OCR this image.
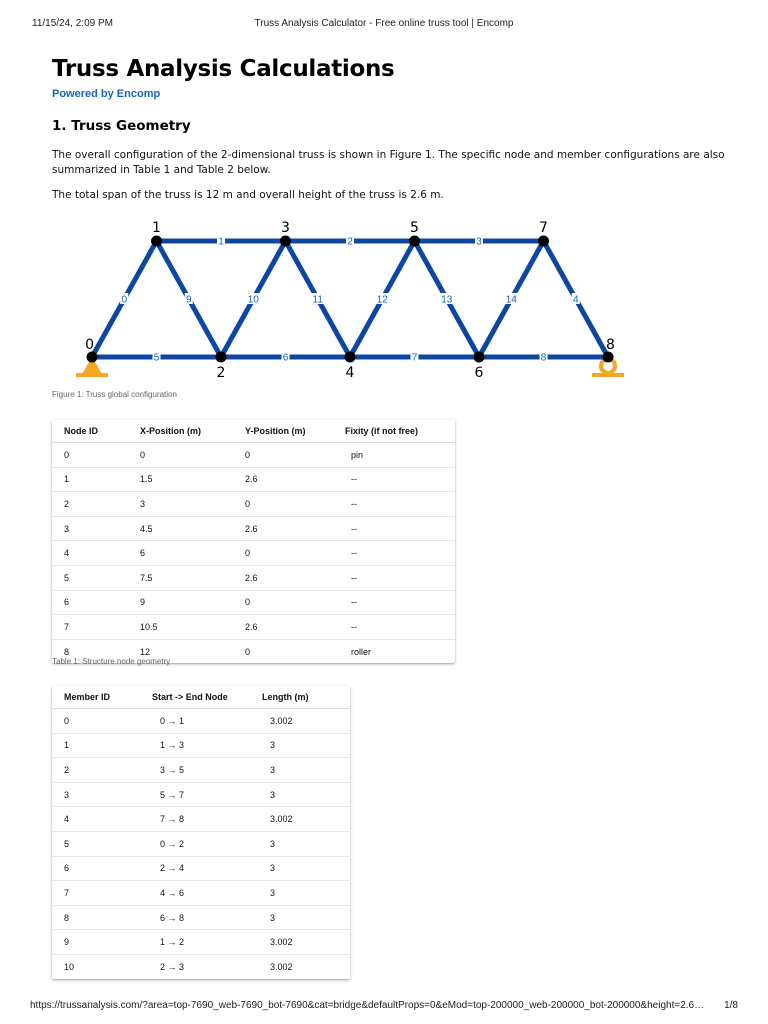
11/15/24, 2:09 PM	Truss Analysis Calculator - Free online truss tool | Encomp
Truss Analysis Calculations
Powered by Encomp
1. Truss Geometry

The overall configuration of the 2-dimensional truss is shown in Figure 1. The specific node and member configurations are also summarized in Table 1 and Table 2 below.

The total span of the truss is 12 m and overall height of the truss is 2.6 m.

0
1	2	3
4
5	6	7	8
9	10	11	12	13	14
0
1
2
3
4
5
6
7
8
Figure 1: Truss global configuration
Node ID	X-Position (m)	Y-Position (m)	Fixity (if not free)
0	0	0	pin
1	1.5	2.6	--
2	3	0	--
3	4.5	2.6	--
4	6	0	--
5	7.5	2.6	--
6	9	0	--
7	10.5	2.6	--
8	12	0	roller
Table 1: Structure node geometry
Member ID	Start -> End Node	Length (m)
0	0 → 1	3.002
1	1 → 3	3
2	3 → 5	3
3	5 → 7	3
4	7 → 8	3.002
5	0 → 2	3
6	2 → 4	3
7	4 → 6	3
8	6 → 8	3
9	1 → 2	3.002
10	2 → 3	3.002
https://trussanalysis.com/?area=top-7690_web-7690_bot-7690&cat=bridge&defaultProps=0&eMod=top-200000_web-200000_bot-200000&height=2.6…	1/8
